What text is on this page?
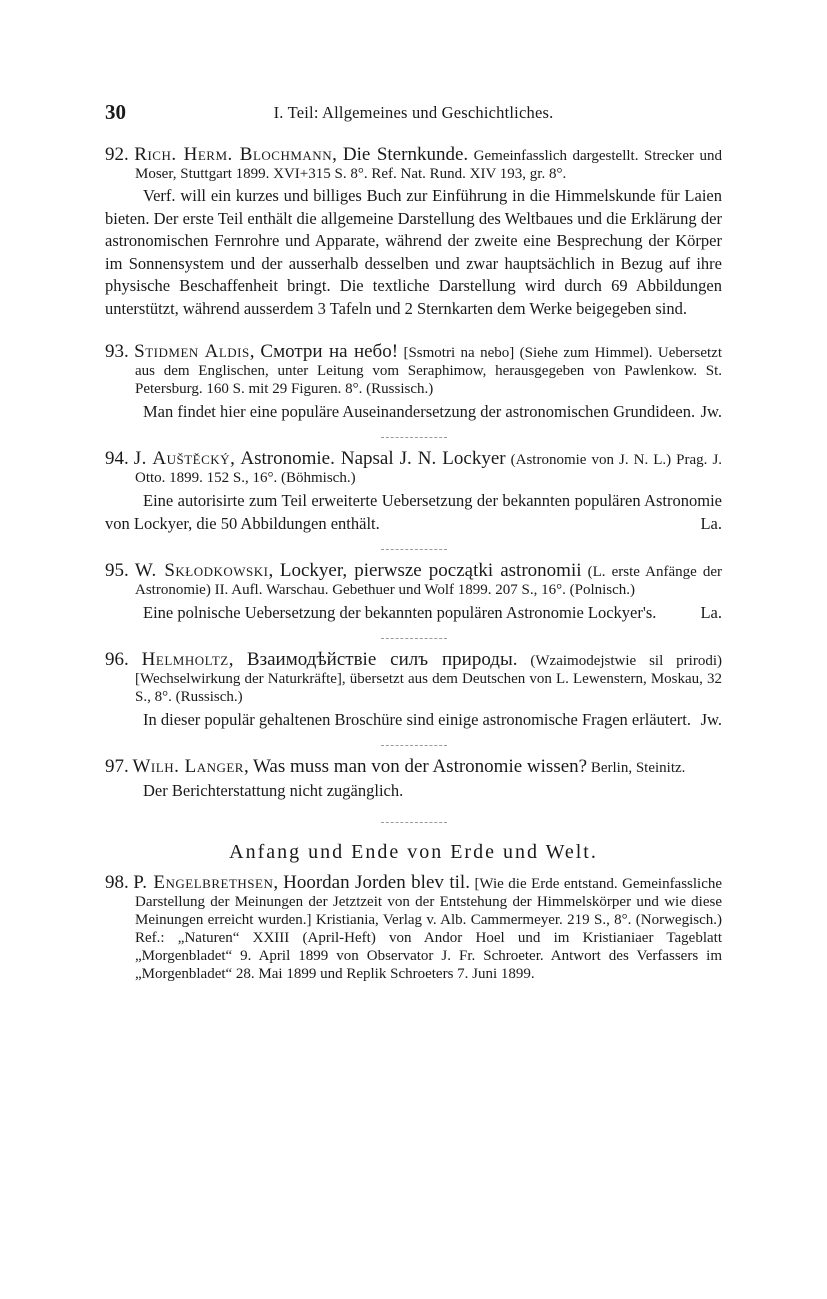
30	I. Teil: Allgemeines und Geschichtliches.

92. Rich. Herm. Blochmann, Die Sternkunde. Gemeinfasslich dargestellt. Strecker und Moser, Stuttgart 1899. XVI+315 S. 8°. Ref. Nat. Rund. XIV 193, gr. 8°.

Verf. will ein kurzes und billiges Buch zur Einführung in die Himmelskunde für Laien bieten. Der erste Teil enthält die allgemeine Darstellung des Weltbaues und die Erklärung der astronomischen Fernrohre und Apparate, während der zweite eine Besprechung der Körper im Sonnensystem und der ausserhalb desselben und zwar hauptsächlich in Bezug auf ihre physische Beschaffenheit bringt. Die textliche Darstellung wird durch 69 Abbildungen unterstützt, während ausserdem 3 Tafeln und 2 Sternkarten dem Werke beigegeben sind.

93. Stidmen Aldis, Смотри на небо! [Ssmotri na nebo] (Siehe zum Himmel). Uebersetzt aus dem Englischen, unter Leitung vom Seraphimow, herausgegeben von Pawlenkow. St. Petersburg. 160 S. mit 29 Figuren. 8°. (Russisch.)

Man findet hier eine populäre Auseinandersetzung der astronomischen Grundideen. Jw.

94. J. Auštěcký, Astronomie. Napsal J. N. Lockyer (Astronomie von J. N. L.) Prag. J. Otto. 1899. 152 S., 16°. (Böhmisch.)

Eine autorisirte zum Teil erweiterte Uebersetzung der bekannten populären Astronomie von Lockyer, die 50 Abbildungen enthält.	La.

95. W. Skłodkowski, Lockyer, pierwsze początki astronomii (L. erste Anfänge der Astronomie) II. Aufl. Warschau. Gebethuer und Wolf 1899. 207 S., 16°. (Polnisch.)

Eine polnische Uebersetzung der bekannten populären Astronomie Lockyer's.	La.

96. Helmholtz, Взаимодѣйствіе силъ природы. (Wzaimodejstwie sil prirodi) [Wechselwirkung der Naturkräfte], übersetzt aus dem Deutschen von L. Lewenstern, Moskau, 32 S., 8°. (Russisch.)

In dieser populär gehaltenen Broschüre sind einige astronomische Fragen erläutert. Jw.

97. Wilh. Langer, Was muss man von der Astronomie wissen? Berlin, Steinitz.

Der Berichterstattung nicht zugänglich.

Anfang und Ende von Erde und Welt.

98. P. Engelbrethsen, Hoordan Jorden blev til. [Wie die Erde entstand. Gemeinfassliche Darstellung der Meinungen der Jetztzeit von der Entstehung der Himmelskörper und wie diese Meinungen erreicht wurden.] Kristiania, Verlag v. Alb. Cammermeyer. 219 S., 8°. (Norwegisch.) Ref.: „Naturen“ XXIII (April-Heft) von Andor Hoel und im Kristianiaer Tageblatt „Morgenbladet“ 9. April 1899 von Observator J. Fr. Schroeter. Antwort des Verfassers im „Morgenbladet“ 28. Mai 1899 und Replik Schroeters 7. Juni 1899.
